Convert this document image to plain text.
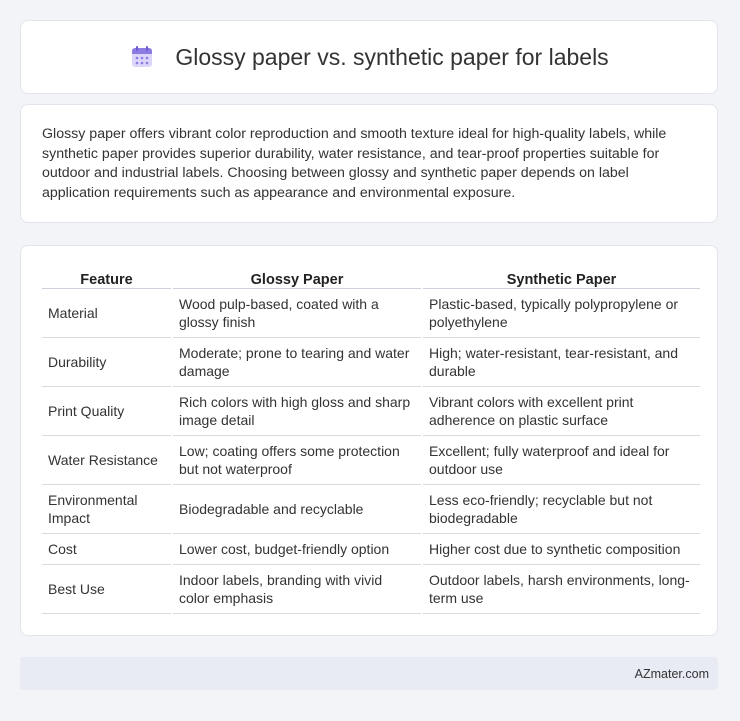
Glossy paper vs. synthetic paper for labels

Glossy paper offers vibrant color reproduction and smooth texture ideal for high-quality labels, while synthetic paper provides superior durability, water resistance, and tear-proof properties suitable for outdoor and industrial labels. Choosing between glossy and synthetic paper depends on label application requirements such as appearance and environmental exposure.

Feature	Glossy Paper	Synthetic Paper
Material	Wood pulp-based, coated with a glossy finish	Plastic-based, typically polypropylene or polyethylene
Durability	Moderate; prone to tearing and water damage	High; water-resistant, tear-resistant, and durable
Print Quality	Rich colors with high gloss and sharp image detail	Vibrant colors with excellent print adherence on plastic surface
Water Resistance	Low; coating offers some protection but not waterproof	Excellent; fully waterproof and ideal for outdoor use
Environmental Impact	Biodegradable and recyclable	Less eco-friendly; recyclable but not biodegradable
Cost	Lower cost, budget-friendly option	Higher cost due to synthetic composition
Best Use	Indoor labels, branding with vivid color emphasis	Outdoor labels, harsh environments, long-term use
AZmater.com
